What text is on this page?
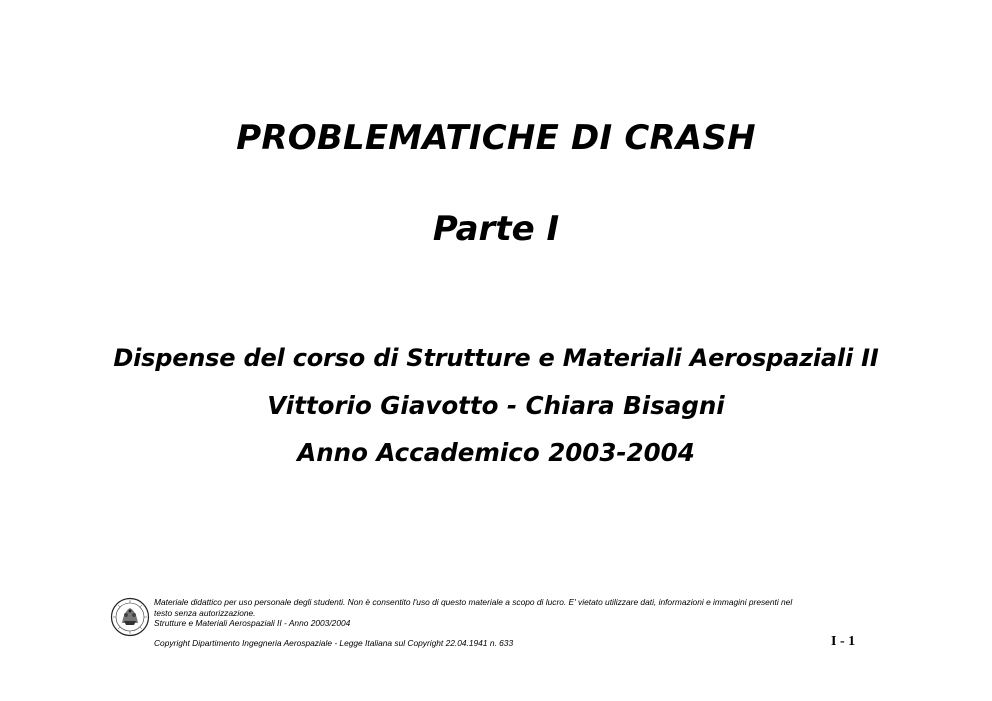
PROBLEMATICHE DI CRASH
Parte I
Dispense del corso di Strutture e Materiali Aerospaziali II
Vittorio Giavotto - Chiara Bisagni
Anno Accademico 2003-2004

Materiale didattico per uso personale degli studenti. Non è consentito l'uso di questo materiale a scopo di lucro. E' vietato utilizzare dati, informazioni e immagini presenti nel

testo senza autorizzazione.

Strutture e Materiali Aerospaziali II - Anno 2003/2004

Copyright Dipartimento Ingegneria Aerospaziale - Legge Italiana sul Copyright 22.04.1941 n. 633	I - 1
